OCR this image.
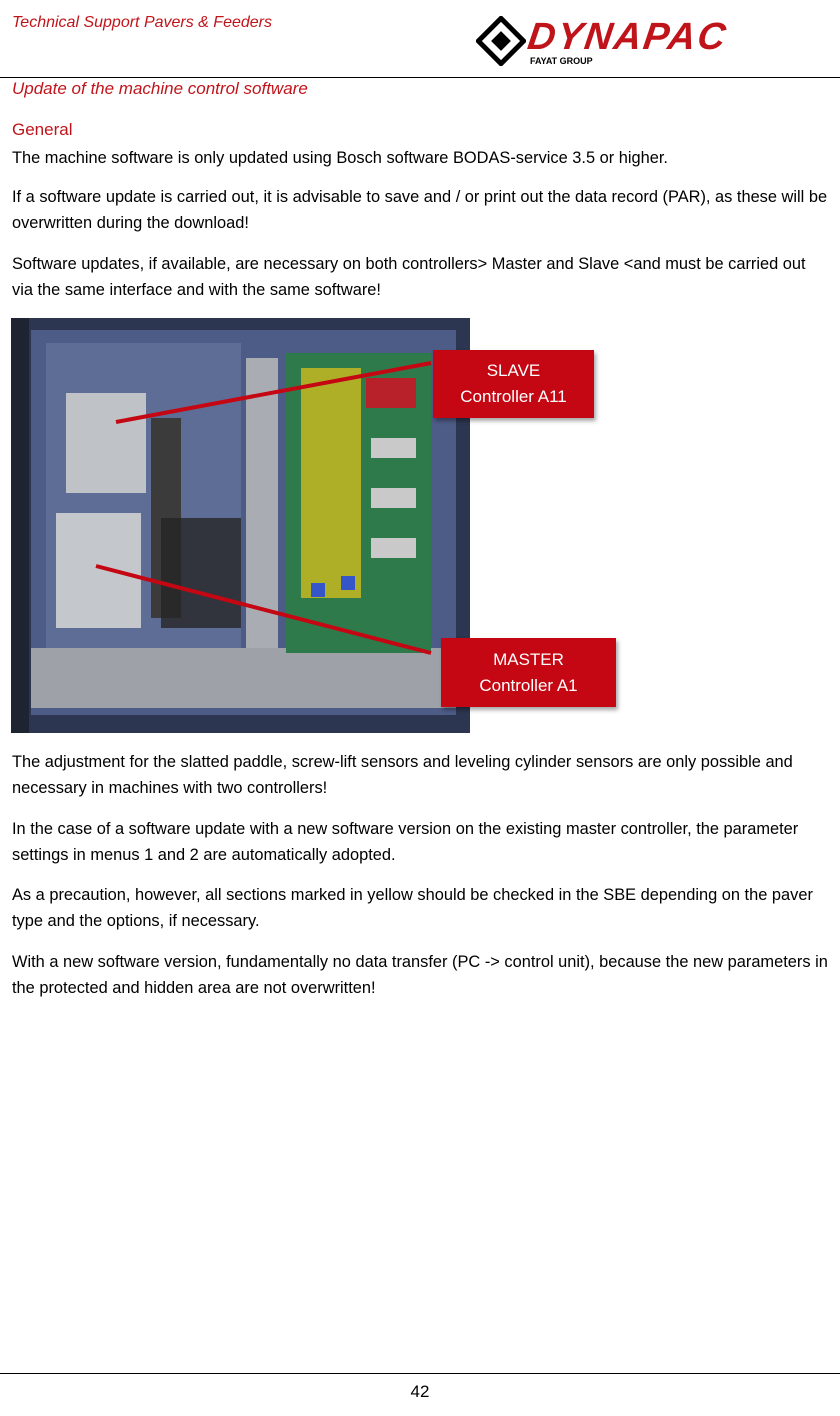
Technical Support Pavers & Feeders	DYNAPAC
FAYAT GROUP
Update of the machine control software
General
The machine software is only updated using Bosch software BODAS-service 3.5 or higher.
If a software update is carried out, it is advisable to save and / or print out the data record (PAR), as these will be overwritten during the download!
Software updates, if available, are necessary on both controllers> Master and Slave <and must be carried out via the same interface and with the same software!
SLAVE
Controller A11
MASTER
Controller A1
The adjustment for the slatted paddle, screw-lift sensors and leveling cylinder sensors are only possible and necessary in machines with two controllers!
In the case of a software update with a new software version on the existing master controller, the parameter settings in menus 1 and 2 are automatically adopted.
As a precaution, however, all sections marked in yellow should be checked in the SBE depending on the paver type and the options, if necessary.
With a new software version, fundamentally no data transfer (PC -> control unit), because the new parameters in the protected and hidden area are not overwritten!
42
